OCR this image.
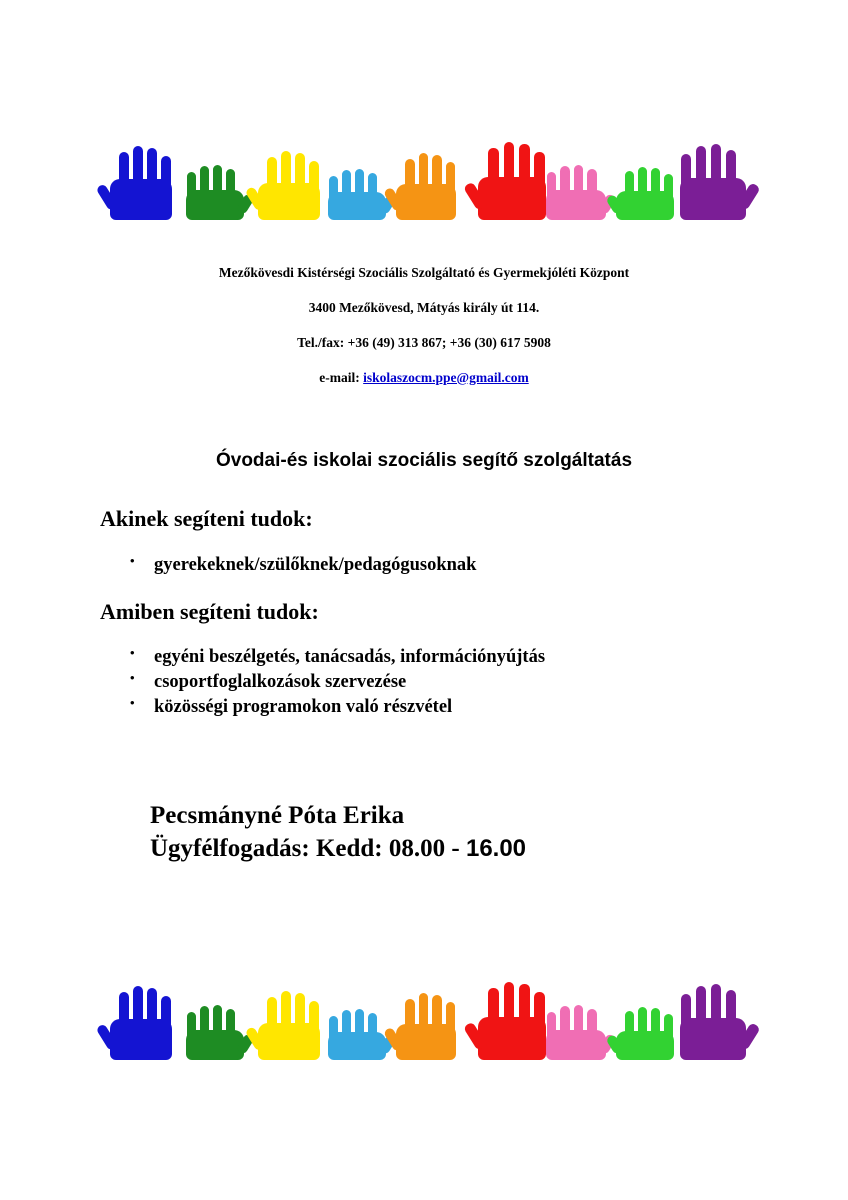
Mezőkövesdi Kistérségi Szociális Szolgáltató és Gyermekjóléti Központ
3400 Mezőkövesd, Mátyás király út 114.
Tel./fax: +36 (49) 313 867; +36 (30) 617 5908
e-mail: iskolaszocm.ppe@gmail.com
Óvodai-és iskolai szociális segítő szolgáltatás
Akinek segíteni tudok:
• gyerekeknek/szülőknek/pedagógusoknak
Amiben segíteni tudok:
• egyéni beszélgetés, tanácsadás, információnyújtás
• csoportfoglalkozások szervezése
• közösségi programokon való részvétel
Pecsmányné Póta Erika
Ügyfélfogadás: Kedd: 08.00 - 16.00
